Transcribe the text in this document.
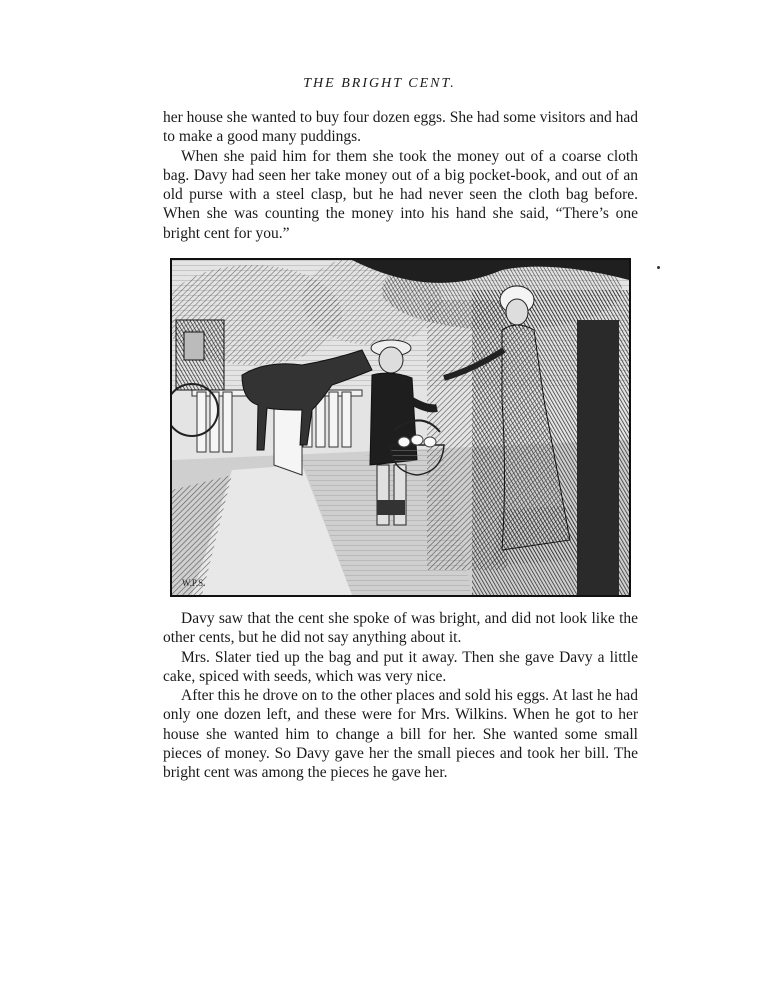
THE BRIGHT CENT.

her house she wanted to buy four dozen eggs. She had some visitors and had to make a good many puddings.

When she paid him for them she took the money out of a coarse cloth bag. Davy had seen her take money out of a big pocket-book, and out of an old purse with a steel clasp, but he had never seen the cloth bag before. When she was counting the money into his hand she said, “There’s one bright cent for you.”

W.P.S.

Davy saw that the cent she spoke of was bright, and did not look like the other cents, but he did not say anything about it.

Mrs. Slater tied up the bag and put it away. Then she gave Davy a little cake, spiced with seeds, which was very nice.

After this he drove on to the other places and sold his eggs. At last he had only one dozen left, and these were for Mrs. Wilkins. When he got to her house she wanted him to change a bill for her. She wanted some small pieces of money. So Davy gave her the small pieces and took her bill. The bright cent was among the pieces he gave her.
